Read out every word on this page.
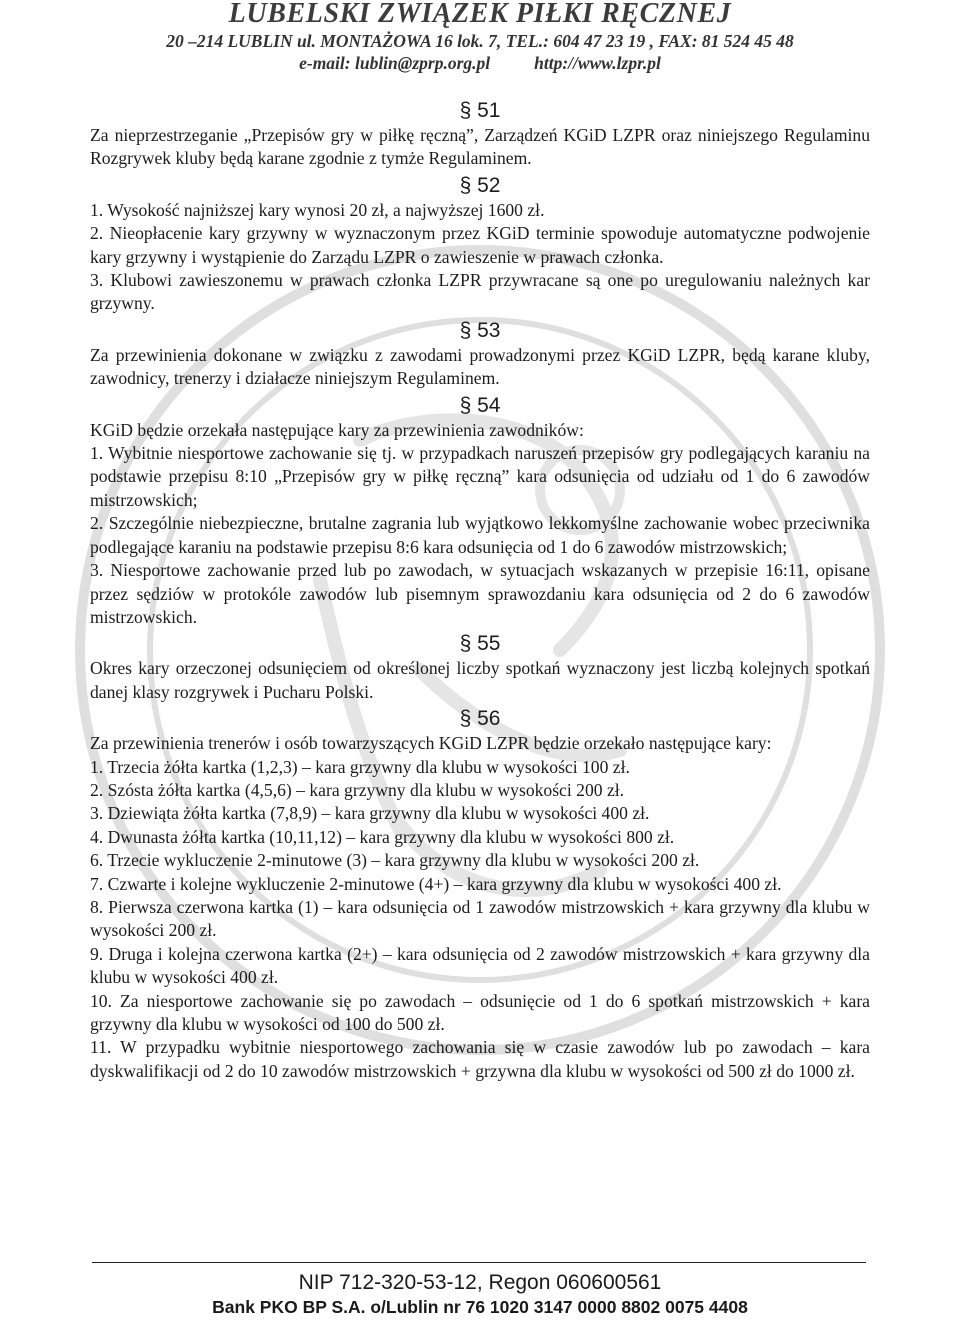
LUBELSKI ZWIĄZEK PIŁKI RĘCZNEJ
20 –214 LUBLIN ul. MONTAŻOWA 16 lok. 7, TEL.: 604 47 23 19 , FAX: 81 524 45 48
e-mail: lublin@zprp.org.pl	http://www.lzpr.pl
§ 51

Za nieprzestrzeganie „Przepisów gry w piłkę ręczną”, Zarządzeń KGiD LZPR oraz niniejszego Regulaminu Rozgrywek kluby będą karane zgodnie z tymże Regulaminem.

§ 52

1. Wysokość najniższej kary wynosi 20 zł, a najwyższej 1600 zł.

2. Nieopłacenie kary grzywny w wyznaczonym przez KGiD terminie spowoduje automatyczne podwojenie kary grzywny i wystąpienie do Zarządu LZPR o zawieszenie w prawach członka.

3. Klubowi zawieszonemu w prawach członka LZPR przywracane są one po uregulowaniu należnych kar grzywny.

§ 53

Za przewinienia dokonane w związku z zawodami prowadzonymi przez KGiD LZPR, będą karane kluby, zawodnicy, trenerzy i działacze niniejszym Regulaminem.

§ 54

KGiD będzie orzekała następujące kary za przewinienia zawodników:

1. Wybitnie niesportowe zachowanie się tj. w przypadkach naruszeń przepisów gry podlegających karaniu na podstawie przepisu 8:10 „Przepisów gry w piłkę ręczną” kara odsunięcia od udziału od 1 do 6 zawodów mistrzowskich;

2. Szczególnie niebezpieczne, brutalne zagrania lub wyjątkowo lekkomyślne zachowanie wobec przeciwnika podlegające karaniu na podstawie przepisu 8:6 kara odsunięcia od 1 do 6 zawodów mistrzowskich;

3. Niesportowe zachowanie przed lub po zawodach, w sytuacjach wskazanych w przepisie 16:11, opisane przez sędziów w protokóle zawodów lub pisemnym sprawozdaniu kara odsunięcia od 2 do 6 zawodów mistrzowskich.

§ 55

Okres kary orzeczonej odsunięciem od określonej liczby spotkań wyznaczony jest liczbą kolejnych spotkań danej klasy rozgrywek i Pucharu Polski.

§ 56

Za przewinienia trenerów i osób towarzyszących KGiD LZPR będzie orzekało następujące kary:

1. Trzecia żółta kartka (1,2,3) – kara grzywny dla klubu w wysokości 100 zł.

2. Szósta żółta kartka (4,5,6) – kara grzywny dla klubu w wysokości 200 zł.

3. Dziewiąta żółta kartka (7,8,9) – kara grzywny dla klubu w wysokości 400 zł.

4. Dwunasta żółta kartka (10,11,12) – kara grzywny dla klubu w wysokości 800 zł.

6. Trzecie wykluczenie 2-minutowe (3) – kara grzywny dla klubu w wysokości 200 zł.

7. Czwarte i kolejne wykluczenie 2-minutowe (4+) – kara grzywny dla klubu w wysokości 400 zł.

8. Pierwsza czerwona kartka (1) – kara odsunięcia od 1 zawodów mistrzowskich + kara grzywny dla klubu w wysokości 200 zł.

9. Druga i kolejna czerwona kartka (2+) – kara odsunięcia od 2 zawodów mistrzowskich + kara grzywny dla klubu w wysokości 400 zł.

10. Za niesportowe zachowanie się po zawodach – odsunięcie od 1 do 6 spotkań mistrzowskich + kara grzywny dla klubu w wysokości od 100 do 500 zł.

11. W przypadku wybitnie niesportowego zachowania się w czasie zawodów lub po zawodach – kara dyskwalifikacji od 2 do 10 zawodów mistrzowskich + grzywna dla klubu w wysokości od 500 zł do 1000 zł.

NIP 712-320-53-12, Regon 060600561
Bank PKO BP S.A. o/Lublin nr 76 1020 3147 0000 8802 0075 4408
